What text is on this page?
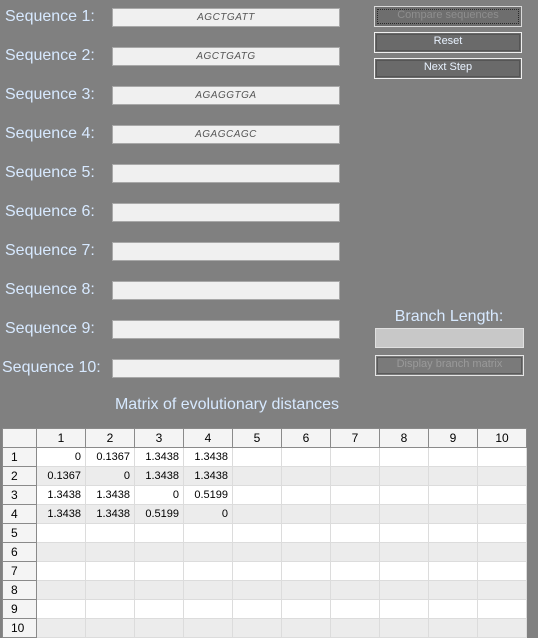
Sequence 1:
AGCTGATT
Sequence 2:
AGCTGATG
Sequence 3:
AGAGGTGA
Sequence 4:
AGAGCAGC
Sequence 5:
Sequence 6:
Sequence 7:
Sequence 8:
Sequence 9:
Sequence 10:
Compare sequences
Reset
Next Step
Branch Length:
Display branch matrix
Matrix of evolutionary distances
	1	2	3	4	5	6	7	8	9	10
1	0	0.1367	1.3438	1.3438						
2	0.1367	0	1.3438	1.3438						
3	1.3438	1.3438	0	0.5199						
4	1.3438	1.3438	0.5199	0						
5										
6										
7										
8										
9										
10										
